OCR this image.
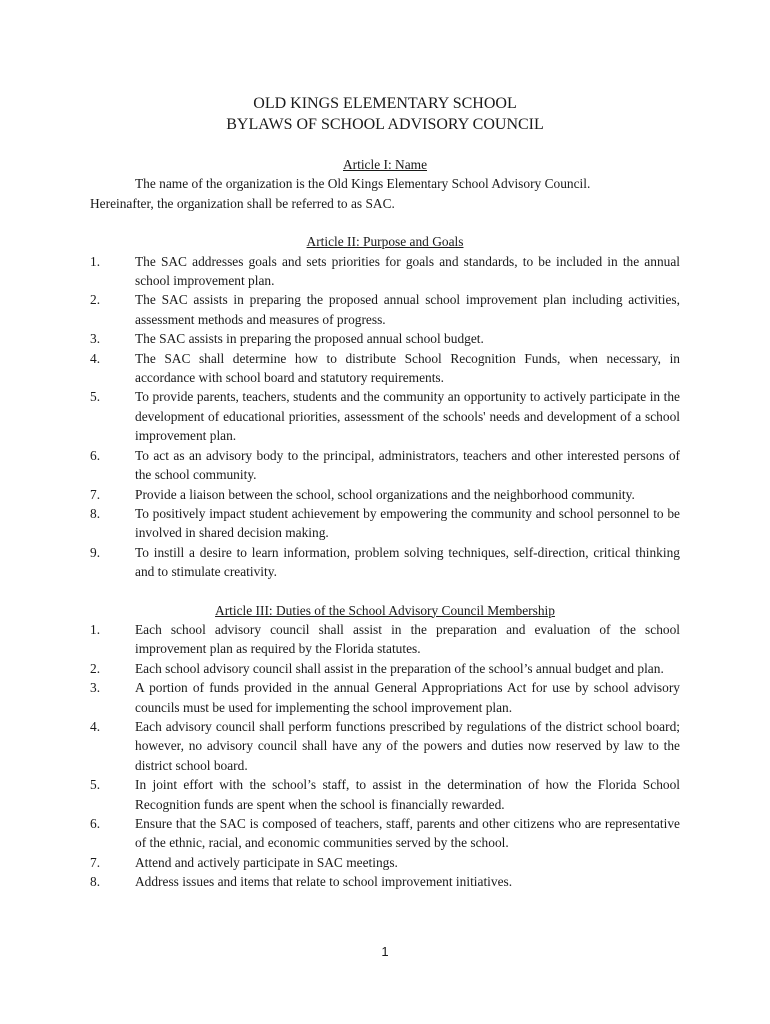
OLD KINGS ELEMENTARY SCHOOL
BYLAWS OF SCHOOL ADVISORY COUNCIL
Article I: Name

The name of the organization is the Old Kings Elementary School Advisory Council.

Hereinafter, the organization shall be referred to as SAC.

Article II: Purpose and Goals
1.	The SAC addresses goals and sets priorities for goals and standards, to be included in the annual school improvement plan.
2.	The SAC assists in preparing the proposed annual school improvement plan including activities, assessment methods and measures of progress.
3.	The SAC assists in preparing the proposed annual school budget.
4.	The SAC shall determine how to distribute School Recognition Funds, when necessary, in accordance with school board and statutory requirements.
5.	To provide parents, teachers, students and the community an opportunity to actively participate in the development of educational priorities, assessment of the schools' needs and development of a school improvement plan.
6.	To act as an advisory body to the principal, administrators, teachers and other interested persons of the school community.
7.	Provide a liaison between the school, school organizations and the neighborhood community.
8.	To positively impact student achievement by empowering the community and school personnel to be involved in shared decision making.
9.	To instill a desire to learn information, problem solving techniques, self-direction, critical thinking and to stimulate creativity.
Article III: Duties of the School Advisory Council Membership
1.	Each school advisory council shall assist in the preparation and evaluation of the school improvement plan as required by the Florida statutes.
2.	Each school advisory council shall assist in the preparation of the school’s annual budget and plan.
3.	A portion of funds provided in the annual General Appropriations Act for use by school advisory councils must be used for implementing the school improvement plan.
4.	Each advisory council shall perform functions prescribed by regulations of the district school board; however, no advisory council shall have any of the powers and duties now reserved by law to the district school board.
5.	In joint effort with the school’s staff, to assist in the determination of how the Florida School Recognition funds are spent when the school is financially rewarded.
6.	Ensure that the SAC is composed of teachers, staff, parents and other citizens who are representative of the ethnic, racial, and economic communities served by the school.
7.	Attend and actively participate in SAC meetings.
8.	Address issues and items that relate to school improvement initiatives.
1
